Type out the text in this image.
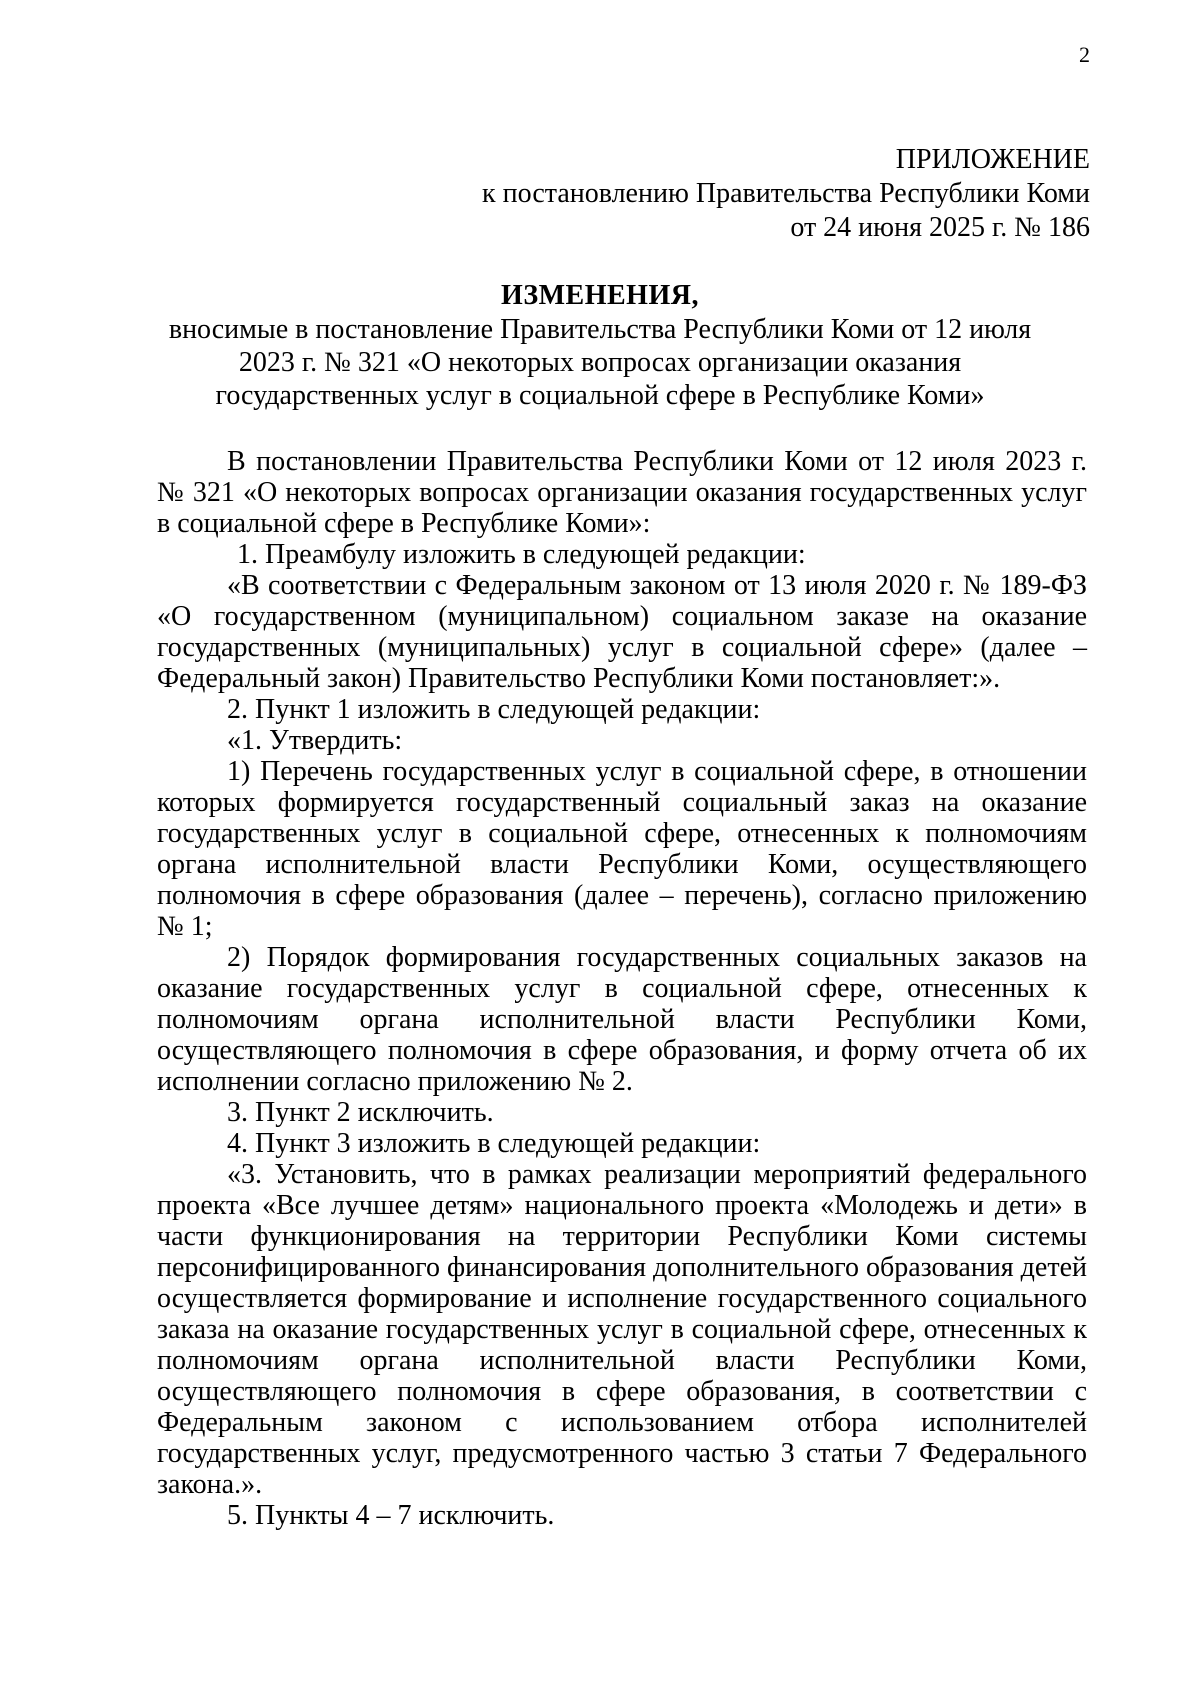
2
ПРИЛОЖЕНИЕ
к постановлению Правительства Республики Коми
от 24 июня 2025 г. № 186
ИЗМЕНЕНИЯ,
вносимые в постановление Правительства Республики Коми от 12 июля
2023 г. № 321 «О некоторых вопросах организации оказания
государственных услуг в социальной сфере в Республике Коми»

В постановлении Правительства Республики Коми от 12 июля 2023 г. № 321 «О некоторых вопросах организации оказания государственных услуг в социальной сфере в Республике Коми»:

1. Преамбулу изложить в следующей редакции:

«В соответствии с Федеральным законом от 13 июля 2020 г. № 189-ФЗ «О государственном (муниципальном) социальном заказе на оказание государственных (муниципальных) услуг в социальной сфере» (далее – Федеральный закон) Правительство Республики Коми постановляет:».

2. Пункт 1 изложить в следующей редакции:

«1. Утвердить:

1) Перечень государственных услуг в социальной сфере, в отношении которых формируется государственный социальный заказ на оказание государственных услуг в социальной сфере, отнесенных к полномочиям органа исполнительной власти Республики Коми, осуществляющего полномочия в сфере образования (далее – перечень), согласно приложению № 1;

2) Порядок формирования государственных социальных заказов на оказание государственных услуг в социальной сфере, отнесенных к полномочиям органа исполнительной власти Республики Коми, осуществляющего полномочия в сфере образования, и форму отчета об их исполнении согласно приложению № 2.

3. Пункт 2 исключить.

4. Пункт 3 изложить в следующей редакции:

«3. Установить, что в рамках реализации мероприятий федерального проекта «Все лучшее детям» национального проекта «Молодежь и дети» в части функционирования на территории Республики Коми системы персонифицированного финансирования дополнительного образования детей осуществляется формирование и исполнение государственного социального заказа на оказание государственных услуг в социальной сфере, отнесенных к полномочиям органа исполнительной власти Республики Коми, осуществляющего полномочия в сфере образования, в соответствии с Федеральным законом с использованием отбора исполнителей государственных услуг, предусмотренного частью 3 статьи 7 Федерального закона.».

5. Пункты 4 – 7 исключить.
